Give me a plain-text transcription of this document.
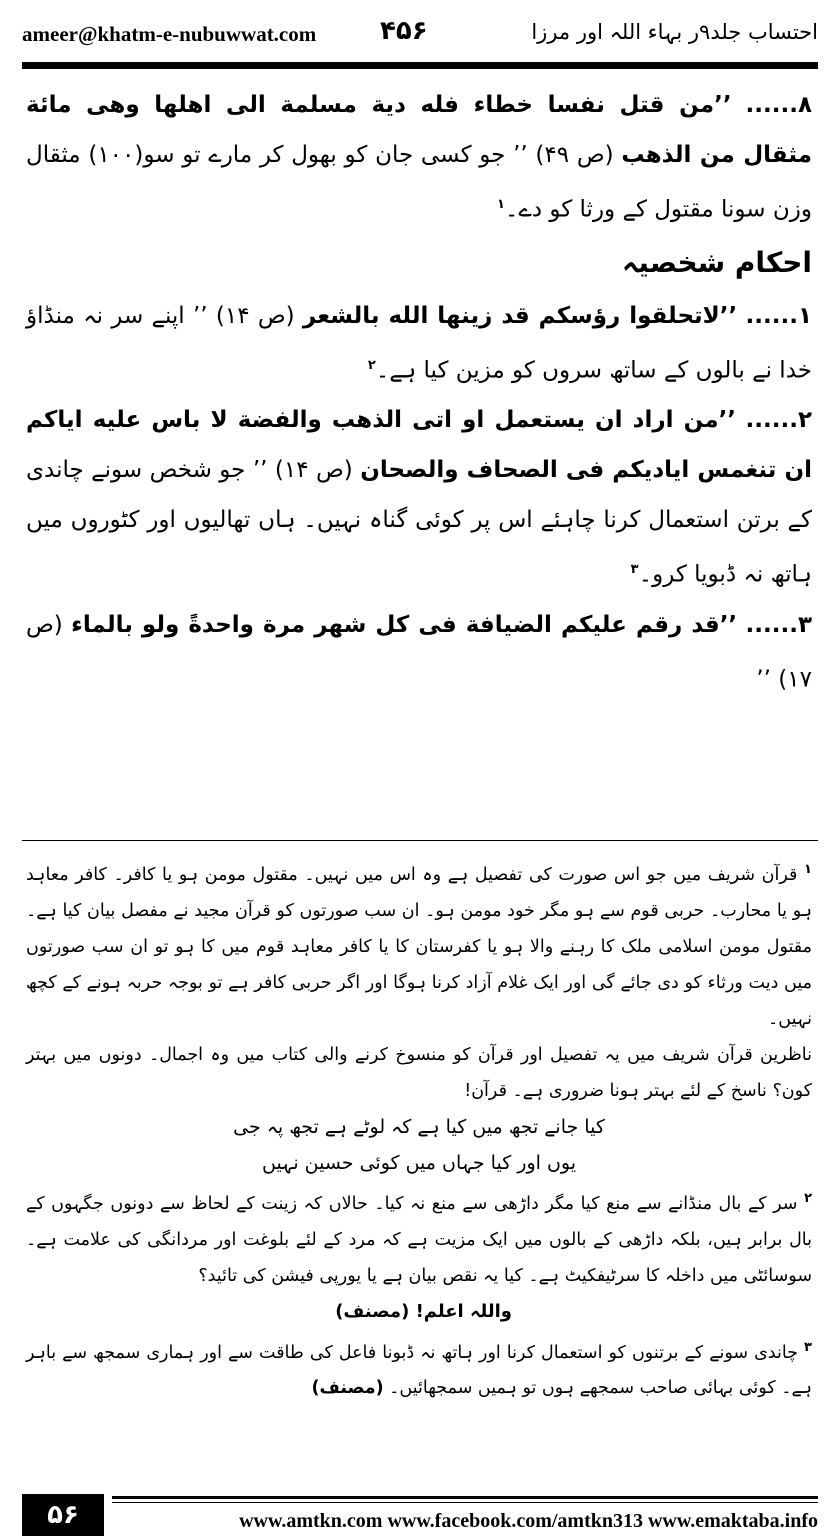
ameer@khatm-e-nubuwwat.com ۴۵۶	احتساب جلد۹ر بہاء اللہ اور مرزا
۸...... ’’من قتل نفسا خطاء فله دية مسلمة الى اهلها وهى مائة مثقال من الذهب (ص ۴۹) ’’ جو کسی جان کو بھول کر مارے تو سو(۱۰۰) مثقال وزن سونا مقتول کے ورثا کو دے۔$^۱$
احکام شخصیہ
۱...... ’’لاتحلقوا رؤسكم قد زينها الله بالشعر (ص ۱۴) ’’ اپنے سر نہ منڈاؤ خدا نے بالوں کے ساتھ سروں کو مزین کیا ہے۔$^۲$
۲...... ’’من اراد ان يستعمل او اتى الذهب والفضة لا باس عليه اياكم ان تنغمس اياديكم فى الصحاف والصحان (ص ۱۴) ’’ جو شخص سونے چاندی کے برتن استعمال کرنا چاہئے اس پر کوئی گناہ نہیں۔ ہاں تھالیوں اور کٹوروں میں ہاتھ نہ ڈبویا کرو۔$^۳$
۳...... ’’قد رقم عليكم الضيافة فى كل شهر مرة واحدةً ولو بالماء (ص ۱۷) ’’
$^۱$ قرآن شریف میں جو اس صورت کی تفصیل ہے وہ اس میں نہیں۔ مقتول مومن ہو یا کافر۔ کافر معاہد ہو یا محارب۔ حربی قوم سے ہو مگر خود مومن ہو۔ ان سب صورتوں کو قرآن مجید نے مفصل بیان کیا ہے۔ مقتول مومن اسلامی ملک کا رہنے والا ہو یا کفرستان کا یا کافر معاہد قوم میں کا ہو تو ان سب صورتوں میں دیت ورثاء کو دی جائے گی اور ایک غلام آزاد کرنا ہوگا اور اگر حربی کافر ہے تو بوجہ حربہ ہونے کے کچھ نہیں۔
ناظرین قرآن شریف میں یہ تفصیل اور قرآن کو منسوخ کرنے والی کتاب میں وہ اجمال۔ دونوں میں بہتر کون؟ ناسخ کے لئے بہتر ہونا ضروری ہے۔ قرآن!
کیا جانے تجھ میں کیا ہے کہ لوٹے ہے تجھ پہ جی
یوں اور کیا جہاں میں کوئی حسین نہیں
$^۲$ سر کے بال منڈانے سے منع کیا مگر داڑھی سے منع نہ کیا۔ حالاں کہ زینت کے لحاظ سے دونوں جگہوں کے بال برابر ہیں، بلکہ داڑھی کے بالوں میں ایک مزیت ہے کہ مرد کے لئے بلوغت اور مردانگی کی علامت ہے۔ سوسائٹی میں داخلہ کا سرٹیفکیٹ ہے۔ کیا یہ نقص بیان ہے یا یورپی فیشن کی تائید؟
واللہ اعلم! (مصنف)
$^۳$ چاندی سونے کے برتنوں کو استعمال کرنا اور ہاتھ نہ ڈبونا فاعل کی طاقت سے اور ہماری سمجھ سے باہر ہے۔ کوئی بہائی صاحب سمجھے ہوں تو ہمیں سمجھائیں۔ (مصنف)
۵۶	www.amtkn.com www.facebook.com/amtkn313 www.emaktaba.info
